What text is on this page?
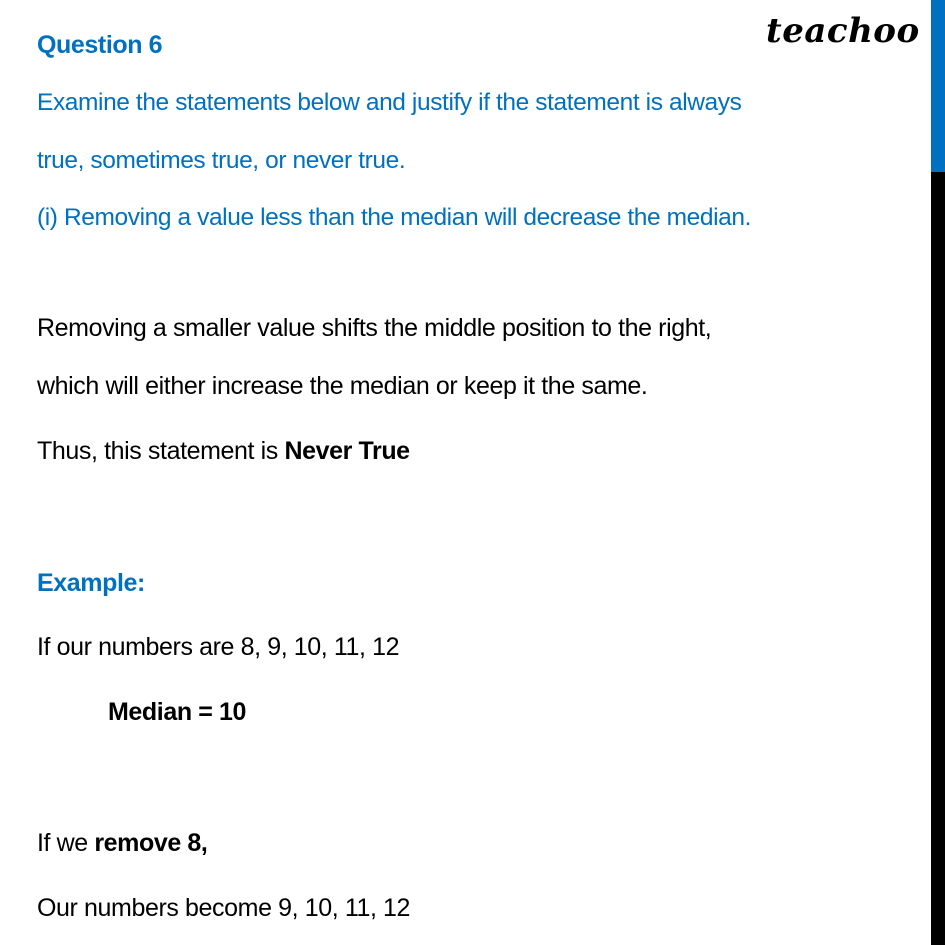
teachoo
Question 6
Examine the statements below and justify if the statement is always
true, sometimes true, or never true.
(i) Removing a value less than the median will decrease the median.
Removing a smaller value shifts the middle position to the right,
which will either increase the median or keep it the same.
Thus, this statement is Never True
Example:
If our numbers are 8, 9, 10, 11, 12
Median = 10
If we remove 8,
Our numbers become 9, 10, 11, 12
